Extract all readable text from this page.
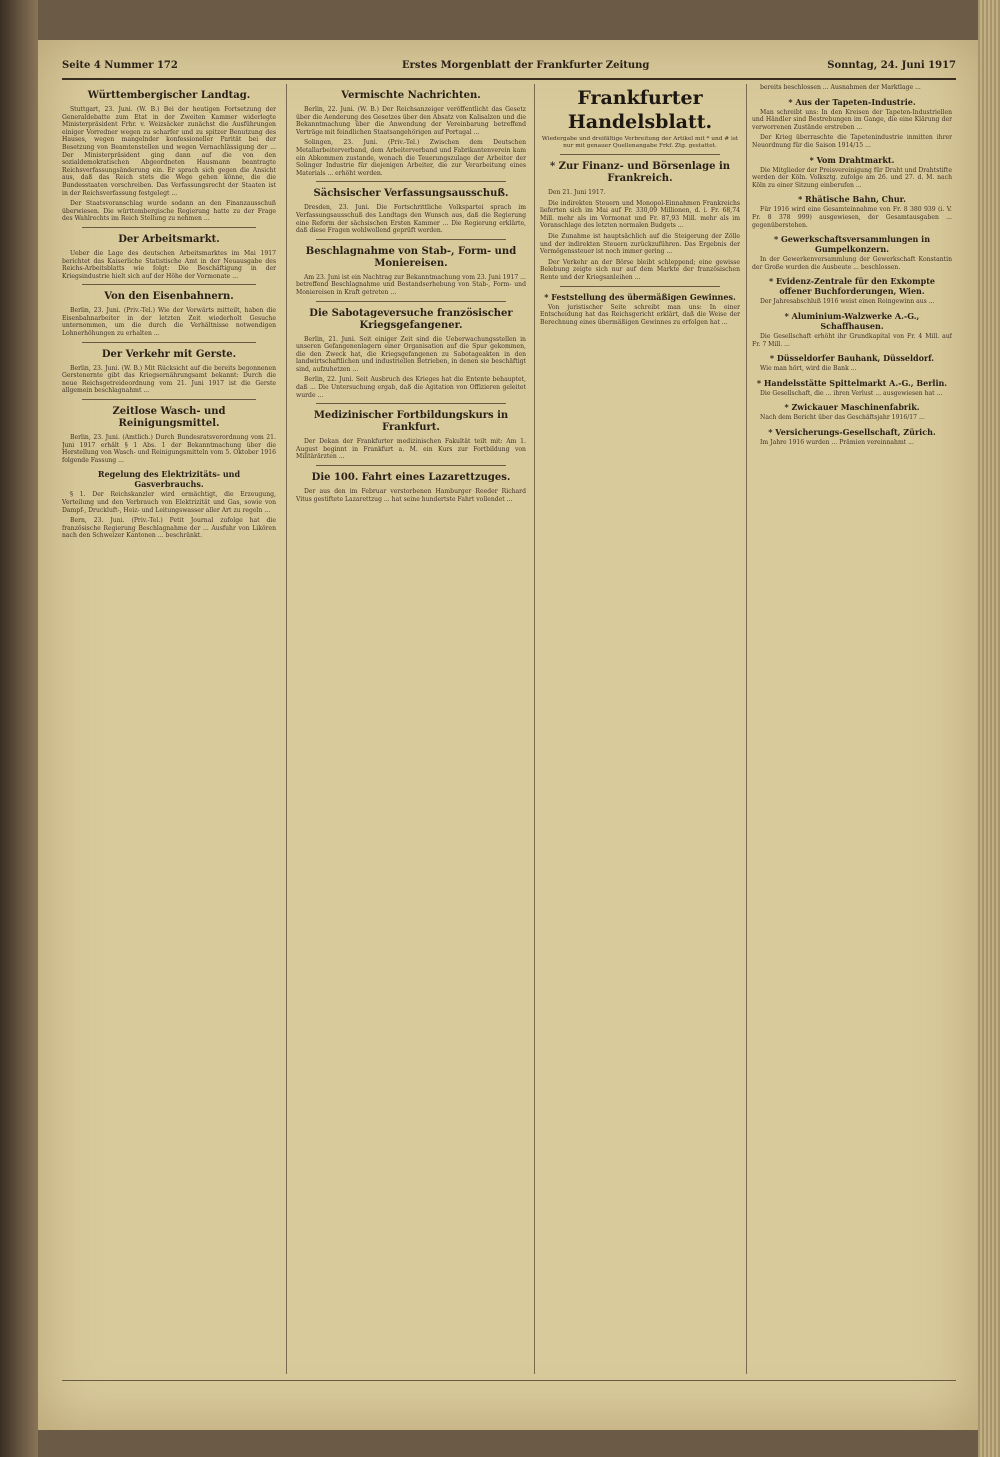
Seite 4 Nummer 172	Erstes Morgenblatt der Frankfurter Zeitung	Sonntag, 24. Juni 1917
Württembergischer Landtag.

Stuttgart, 23. Juni. (W. B.) Bei der heutigen Fortsetzung der Generaldebatte zum Etat in der Zweiten Kammer widerlegte Ministerpräsident Frhr. v. Weizsäcker zunächst die Ausführungen einiger Vorredner wegen zu scharfer und zu spitzer Benutzung des Hauses, wegen mangelnder konfessioneller Parität bei der Besetzung von Beamtenstellen und wegen Vernachlässigung der ... Der Ministerpräsident ging dann auf die von den sozialdemokratischen Abgeordneten Hausmann beantragte Reichsverfassungsänderung ein. Er sprach sich gegen die Ansicht aus, daß das Reich stets die Wege gehen könne, die die Bundesstaaten vorschreiben. Das Verfassungsrecht der Staaten ist in der Reichsverfassung festgelegt ...

Der Staatsvoranschlag wurde sodann an den Finanzausschuß überwiesen. Die württembergische Regierung hatte zu der Frage des Wahlrechts im Reich Stellung zu nehmen ...

Der Arbeitsmarkt.

Ueber die Lage des deutschen Arbeitsmarktes im Mai 1917 berichtet das Kaiserliche Statistische Amt in der Neuausgabe des Reichs-Arbeitsblatts wie folgt: Die Beschäftigung in der Kriegsindustrie hielt sich auf der Höhe der Vormonate ...

Von den Eisenbahnern.

Berlin, 23. Juni. (Priv.-Tel.) Wie der Vorwärts mitteilt, haben die Eisenbahnarbeiter in der letzten Zeit wiederholt Gesuche unternommen, um die durch die Verhältnisse notwendigen Lohnerhöhungen zu erhalten ...

Der Verkehr mit Gerste.

Berlin, 23. Juni. (W. B.) Mit Rücksicht auf die bereits begonnenen Gerstenernte gibt das Kriegsernährungsamt bekannt: Durch die neue Reichsgetreideordnung vom 21. Juni 1917 ist die Gerste allgemein beschlagnahmt ...

Zeitlose Wasch- und Reinigungsmittel.

Berlin, 23. Juni. (Amtlich.) Durch Bundesratsverordnung vom 21. Juni 1917 erhält § 1 Abs. 1 der Bekanntmachung über die Herstellung von Wasch- und Reinigungsmitteln vom 5. Oktober 1916 folgende Fassung ...

Regelung des Elektrizitäts- und Gasverbrauchs.

§ 1. Der Reichskanzler wird ermächtigt, die Erzeugung, Verteilung und den Verbrauch von Elektrizität und Gas, sowie von Dampf-, Druckluft-, Heiz- und Leitungswasser aller Art zu regeln ...

Bern, 23. Juni. (Priv.-Tel.) Petit Journal zufolge hat die französische Regierung Beschlagnahme der ... Ausfuhr von Likören nach den Schweizer Kantonen ... beschränkt.

Vermischte Nachrichten.

Berlin, 22. Juni. (W. B.) Der Reichsanzeiger veröffentlicht das Gesetz über die Aenderung des Gesetzes über den Absatz von Kalisalzen und die Bekanntmachung über die Anwendung der Vereinbarung betreffend Verträge mit feindlichen Staatsangehörigen auf Portugal ...

Solingen, 23. Juni. (Priv.-Tel.) Zwischen dem Deutschen Metallarbeiterverband, dem Arbeiterverband und Fabrikantenverein kam ein Abkommen zustande, wonach die Teuerungszulage der Arbeiter der Solinger Industrie für diejenigen Arbeiter, die zur Verarbeitung eines Materials ... erhöht werden.

Sächsischer Verfassungsausschuß.

Dresden, 23. Juni. Die Fortschrittliche Volkspartei sprach im Verfassungsausschuß des Landtags den Wunsch aus, daß die Regierung eine Reform der sächsischen Ersten Kammer ... Die Regierung erklärte, daß diese Fragen wohlwollend geprüft werden.

Beschlagnahme von Stab-, Form- und Moniereisen.

Am 23. Juni ist ein Nachtrag zur Bekanntmachung vom 23. Juni 1917 ... betreffend Beschlagnahme und Bestandserhebung von Stab-, Form- und Moniereisen in Kraft getreten ...

Die Sabotageversuche französischer Kriegsgefangener.

Berlin, 21. Juni. Seit einiger Zeit sind die Ueberwachungsstellen in unseren Gefangenenlagern einer Organisation auf die Spur gekommen, die den Zweck hat, die Kriegsgefangenen zu Sabotageakten in den landwirtschaftlichen und industriellen Betrieben, in denen sie beschäftigt sind, aufzuhetzen ...

Berlin, 22. Juni. Seit Ausbruch des Krieges hat die Entente behauptet, daß ... Die Untersuchung ergab, daß die Agitation von Offizieren geleitet wurde ...

Medizinischer Fortbildungskurs in Frankfurt.

Der Dekan der Frankfurter medizinischen Fakultät teilt mit: Am 1. August beginnt in Frankfurt a. M. ein Kurs zur Fortbildung von Militärärzten ...

Die 100. Fahrt eines Lazarettzuges.

Der aus den im Februar verstorbenen Hamburger Reeder Richard Vitus gestiftete Lazarettzug ... hat seine hundertste Fahrt vollendet ...

Frankfurter Handelsblatt.
Wiedergabe und dreifältige Verbreitung der Artikel mit * und # ist nur mit genauer Quellenangabe Frkf. Ztg. gestattet.
* Zur Finanz- und Börsenlage in Frankreich.

Den 21. Juni 1917.

Die indirekten Steuern und Monopol-Einnahmen Frankreichs lieferten sich im Mai auf Fr. 330,09 Millionen, d. i. Fr. 68,74 Mill. mehr als im Vormonat und Fr. 87,93 Mill. mehr als im Voranschlage des letzten normalen Budgets ...

Die Zunahme ist hauptsächlich auf die Steigerung der Zölle und der indirekten Steuern zurückzuführen. Das Ergebnis der Vermögenssteuer ist noch immer gering ...

Der Verkehr an der Börse bleibt schleppend; eine gewisse Belebung zeigte sich nur auf dem Markte der französischen Rente und der Kriegsanleihen ...

* Feststellung des übermäßigen Gewinnes.

Von juristischer Seite schreibt man uns: In einer Entscheidung hat das Reichsgericht erklärt, daß die Weise der Berechnung eines übermäßigen Gewinnes zu erfolgen hat ...

bereits beschlossen ... Ausnahmen der Marktlage ...

* Aus der Tapeten-Industrie.

Man schreibt uns: In den Kreisen der Tapeten-Industriellen und Händler sind Bestrebungen im Gange, die eine Klärung der verworrenen Zustände erstreben ...

Der Krieg überraschte die Tapetenindustrie inmitten ihrer Neuordnung für die Saison 1914/15 ...

* Vom Drahtmarkt.

Die Mitglieder der Preisvereinigung für Draht und Drahtstifte werden der Köln. Volksztg. zufolge am 26. und 27. d. M. nach Köln zu einer Sitzung einberufen ...

* Rhätische Bahn, Chur.

Für 1916 wird eine Gesamteinnahme von Fr. 8 380 939 (i. V. Fr. 8 378 999) ausgewiesen, der Gesamtausgaben ... gegenüberstehen.

* Gewerkschaftsversammlungen in Gumpelkonzern.

In der Gewerkenversammlung der Gewerkschaft Konstantin der Große wurden die Ausbeute ... beschlossen.

* Evidenz-Zentrale für den Exkompte offener Buchforderungen, Wien.

Der Jahresabschluß 1916 weist einen Reingewinn aus ...

* Aluminium-Walzwerke A.-G., Schaffhausen.

Die Gesellschaft erhöht ihr Grundkapital von Fr. 4 Mill. auf Fr. 7 Mill. ...

* Düsseldorfer Bauhank, Düsseldorf.

Wie man hört, wird die Bank ...

* Handelsstätte Spittelmarkt A.-G., Berlin.

Die Gesellschaft, die ... ihren Verlust ... ausgewiesen hat ...

* Zwickauer Maschinenfabrik.

Nach dem Bericht über das Geschäftsjahr 1916/17 ...

* Versicherungs-Gesellschaft, Zürich.

Im Jahre 1916 wurden ... Prämien vereinnahmt ...
